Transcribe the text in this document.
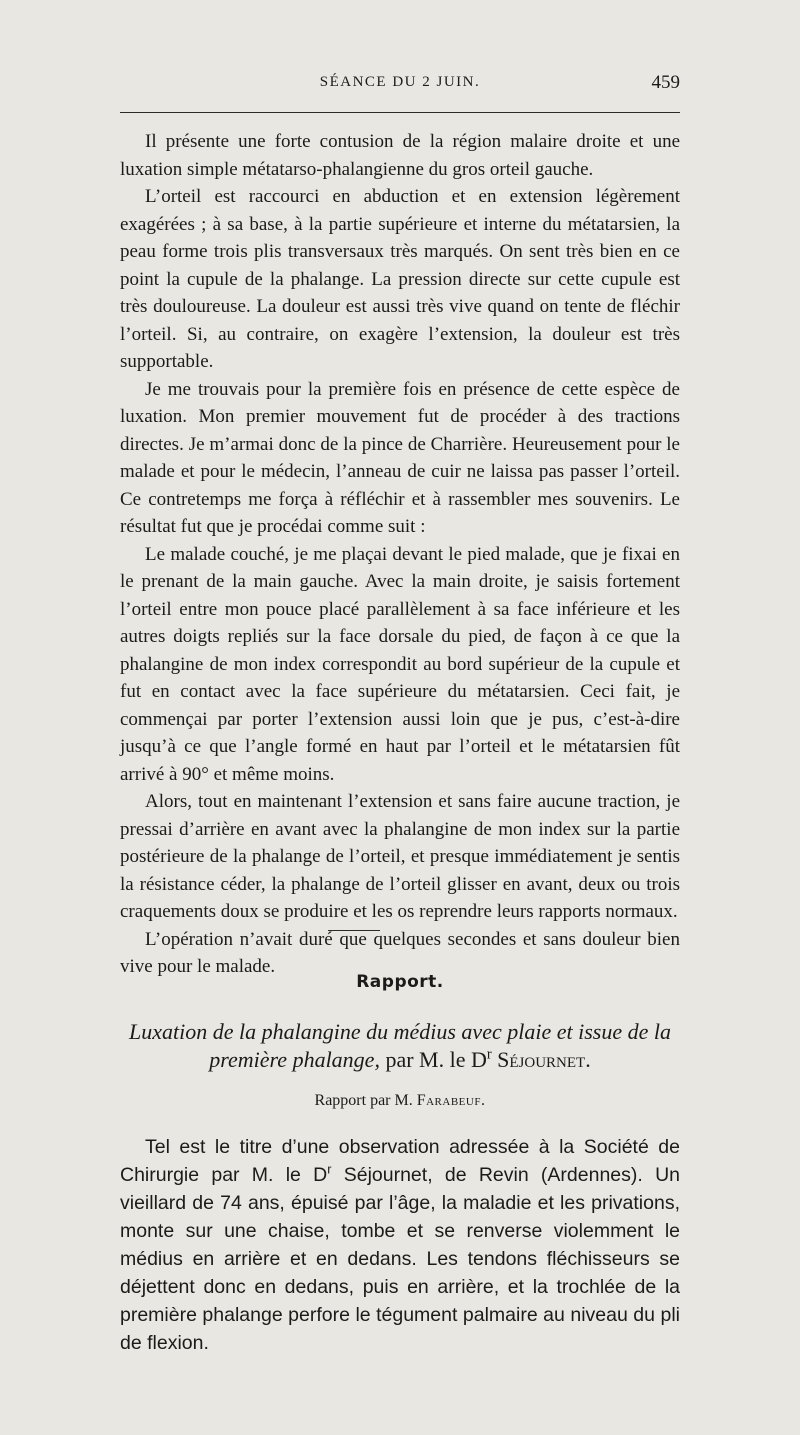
SÉANCE DU 2 JUIN.	459

Il présente une forte contusion de la région malaire droite et une luxation simple métatarso-phalangienne du gros orteil gauche.

L’orteil est raccourci en abduction et en extension légèrement exagérées ; à sa base, à la partie supérieure et interne du métatarsien, la peau forme trois plis transversaux très marqués. On sent très bien en ce point la cupule de la phalange. La pression directe sur cette cupule est très douloureuse. La douleur est aussi très vive quand on tente de fléchir l’orteil. Si, au contraire, on exagère l’extension, la douleur est très supportable.

Je me trouvais pour la première fois en présence de cette espèce de luxation. Mon premier mouvement fut de procéder à des tractions directes. Je m’armai donc de la pince de Charrière. Heureusement pour le malade et pour le médecin, l’anneau de cuir ne laissa pas passer l’orteil. Ce contretemps me força à réfléchir et à rassembler mes souvenirs. Le résultat fut que je procédai comme suit :

Le malade couché, je me plaçai devant le pied malade, que je fixai en le prenant de la main gauche. Avec la main droite, je saisis fortement l’orteil entre mon pouce placé parallèlement à sa face inférieure et les autres doigts repliés sur la face dorsale du pied, de façon à ce que la phalangine de mon index correspondit au bord supérieur de la cupule et fut en contact avec la face supérieure du métatarsien. Ceci fait, je commençai par porter l’extension aussi loin que je pus, c’est-à-dire jusqu’à ce que l’angle formé en haut par l’orteil et le métatarsien fût arrivé à 90° et même moins.

Alors, tout en maintenant l’extension et sans faire aucune traction, je pressai d’arrière en avant avec la phalangine de mon index sur la partie postérieure de la phalange de l’orteil, et presque immédiatement je sentis la résistance céder, la phalange de l’orteil glisser en avant, deux ou trois craquements doux se produire et les os reprendre leurs rapports normaux.

L’opération n’avait duré que quelques secondes et sans douleur bien vive pour le malade.

Rapport.
Luxation de la phalangine du médius avec plaie et issue de la
première phalange, par M. le $D^r$ Séjournet.
Rapport par M. Farabeuf.

Tel est le titre d’une observation adressée à la Société de Chirurgie par M. le $D^r$ Séjournet, de Revin (Ardennes). Un vieillard de 74 ans, épuisé par l’âge, la maladie et les privations, monte sur une chaise, tombe et se renverse violemment le médius en arrière et en dedans. Les tendons fléchisseurs se déjettent donc en dedans, puis en arrière, et la trochlée de la première phalange perfore le tégument palmaire au niveau du pli de flexion.
